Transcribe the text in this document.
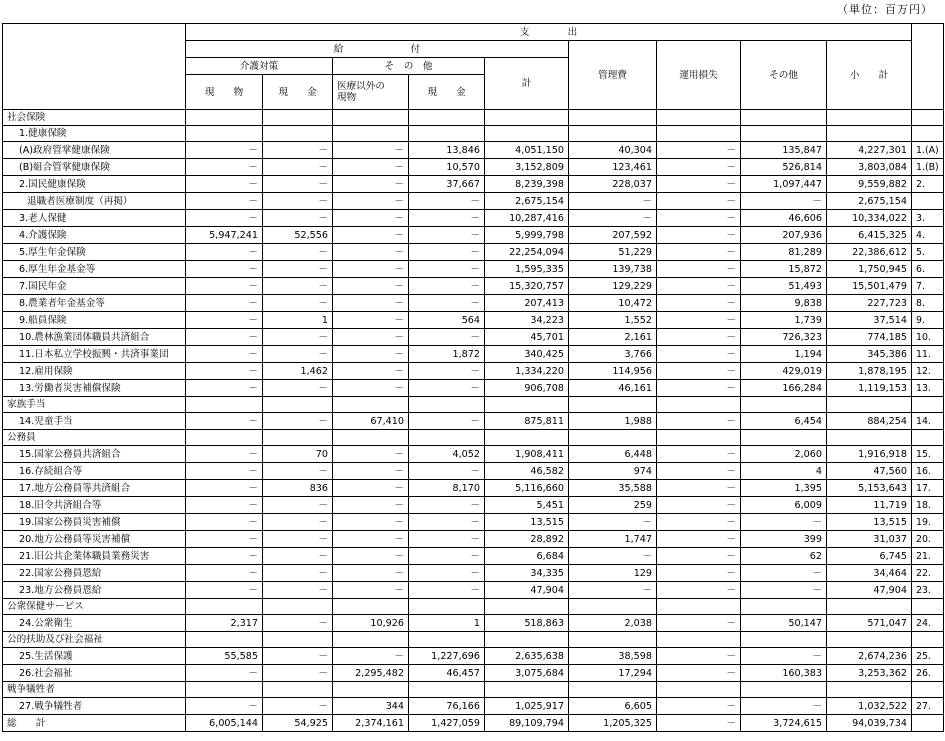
（単位：百万円）
	支　　　　出									
	給　　　　　　　付					管理費	運用損失	その他	小　　計	
	介護対策		そ　の　他		計					
	現　　物	現　　金	医療以外の
現物	現　　金						
社会保険										
1.健康保険										
(A)政府管掌健康保険	－	－	－	13,846	4,051,150	40,304	－	135,847	4,227,301	1.(A)
(B)組合管掌健康保険	－	－	－	10,570	3,152,809	123,461	－	526,814	3,803,084	1.(B)
2.国民健康保険	－	－	－	37,667	8,239,398	228,037	－	1,097,447	9,559,882	2.
退職者医療制度（再掲）	－	－	－	－	2,675,154	－	－	－	2,675,154	
3.老人保健	－	－	－	－	10,287,416	－	－	46,606	10,334,022	3.
4.介護保険	5,947,241	52,556	－	－	5,999,798	207,592	－	207,936	6,415,325	4.
5.厚生年金保険	－	－	－	－	22,254,094	51,229	－	81,289	22,386,612	5.
6.厚生年金基金等	－	－	－	－	1,595,335	139,738	－	15,872	1,750,945	6.
7.国民年金	－	－	－	－	15,320,757	129,229	－	51,493	15,501,479	7.
8.農業者年金基金等	－	－	－	－	207,413	10,472	－	9,838	227,723	8.
9.船員保険	－	1	－	564	34,223	1,552	－	1,739	37,514	9.
10.農林漁業団体職員共済組合	－	－	－	－	45,701	2,161	－	726,323	774,185	10.
11.日本私立学校振興・共済事業団	－	－	－	1,872	340,425	3,766	－	1,194	345,386	11.
12.雇用保険	－	1,462	－	－	1,334,220	114,956	－	429,019	1,878,195	12.
13.労働者災害補償保険	－	－	－	－	906,708	46,161	－	166,284	1,119,153	13.
家族手当										
14.児童手当	－	－	67,410	－	875,811	1,988	－	6,454	884,254	14.
公務員										
15.国家公務員共済組合	－	70	－	4,052	1,908,411	6,448	－	2,060	1,916,918	15.
16.存続組合等	－	－	－	－	46,582	974	－	4	47,560	16.
17.地方公務員等共済組合	－	836	－	8,170	5,116,660	35,588	－	1,395	5,153,643	17.
18.旧令共済組合等	－	－	－	－	5,451	259	－	6,009	11,719	18.
19.国家公務員災害補償	－	－	－	－	13,515	－	－	－	13,515	19.
20.地方公務員等災害補償	－	－	－	－	28,892	1,747	－	399	31,037	20.
21.旧公共企業体職員業務災害	－	－	－	－	6,684	－	－	62	6,745	21.
22.国家公務員恩給	－	－	－	－	34,335	129	－	－	34,464	22.
23.地方公務員恩給	－	－	－	－	47,904	－	－	－	47,904	23.
公衆保健サービス										
24.公衆衛生	2,317	－	10,926	1	518,863	2,038	－	50,147	571,047	24.
公的扶助及び社会福祉										
25.生活保護	55,585	－	－	1,227,696	2,635,638	38,598	－	－	2,674,236	25.
26.社会福祉	－	－	2,295,482	46,457	3,075,684	17,294	－	160,383	3,253,362	26.
戦争犠牲者										
27.戦争犠牲者	－	－	344	76,166	1,025,917	6,605	－	－	1,032,522	27.
総　　計	6,005,144	54,925	2,374,161	1,427,059	89,109,794	1,205,325	－	3,724,615	94,039,734	
